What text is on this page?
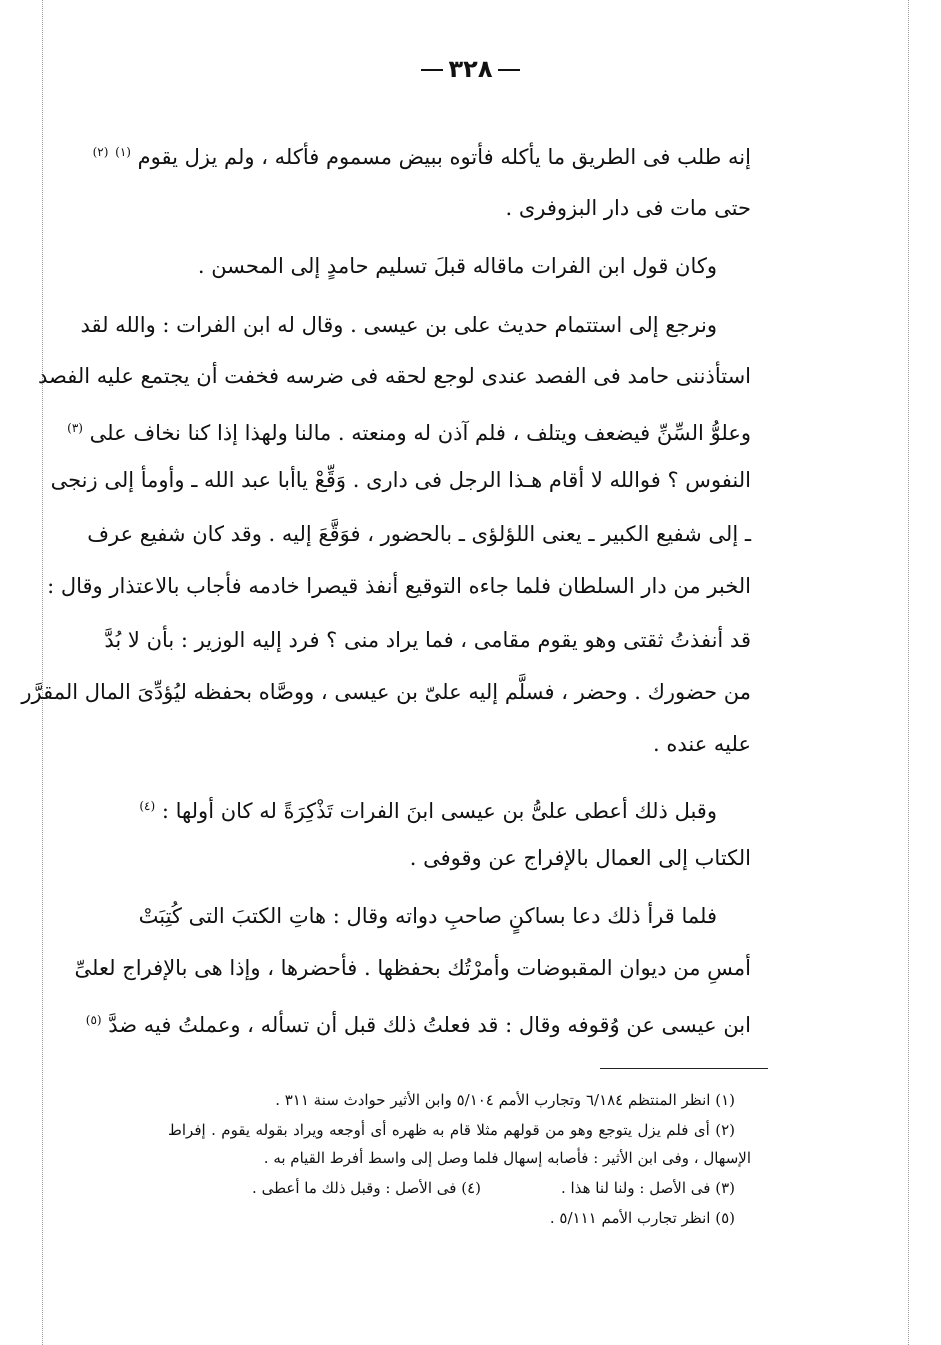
٣٢٨
إنه طلب فى الطريق ما يأكله فأتوه ببيض مسموم فأكله ، ولم يزل يقوم $^{(١)}$ $^{(٢)}$
حتى مات فى دار البزوفرى .
وكان قول ابن الفرات ماقاله قبلَ تسليم حامدٍ إلى المحسن .
ونرجع إلى استتمام حديث على بن عيسى . وقال له ابن الفرات : والله لقد
استأذننى حامد فى الفصد عندى لوجع لحقه فى ضرسه فخفت أن يجتمع عليه الفصد
وعلوُّ السِّنِّ فيضعف ويتلف ، فلم آذن له ومنعته . مالنا ولهذا إذا كنا نخاف على $^{(٣)}$
النفوس ؟ فوالله لا أقام هـذا الرجل فى دارى . وَقِّعْ ياأبا عبد الله ـ وأومأ إلى زنجى
ـ إلى شفيع الكبير ـ يعنى اللؤلؤى ـ بالحضور ، فوَقَّعَ إليه . وقد كان شفيع عرف
الخبر من دار السلطان فلما جاءه التوقيع أنفذ قيصرا خادمه فأجاب بالاعتذار وقال :
قد أنفذتُ ثقتى وهو يقوم مقامى ، فما يراد منى ؟ فرد إليه الوزير : بأن لا بُدَّ
من حضورك . وحضر ، فسلَّم إليه علىّ بن عيسى ، ووصَّاه بحفظه ليُؤدِّىَ المال المقرَّر
عليه عنده .
وقبل ذلك أعطى علىُّ بن عيسى ابنَ الفرات تَذْكِرَةً له كان أولها : $^{(٤)}$
الكتاب إلى العمال بالإفراج عن وقوفى .
فلما قرأ ذلك دعا بساكنٍ صاحبِ دواته وقال : هاتِ الكتبَ التى كُتِبَتْ
أمسِ من ديوان المقبوضات وأمرْتُك بحفظها . فأحضرها ، وإذا هى بالإفراج لعلىِّ
ابن عيسى عن وُقوفه وقال : قد فعلتُ ذلك قبل أن تسأله ، وعملتُ فيه ضدَّ $^{(٥)}$
(١) انظر المنتظم ٦/١٨٤ وتجارب الأمم ٥/١٠٤ وابن الأثير حوادث سنة ٣١١ .
(٢) أى فلم يزل يتوجع وهو من قولهم مثلا قام به ظهره أى أوجعه ويراد بقوله يقوم . إفراط
الإسهال ، وفى ابن الأثير : فأصابه إسهال فلما وصل إلى واسط أفرط القيام به .
(٣) فى الأصل : ولنا لنا هذا .(٤) فى الأصل : وقبل ذلك ما أعطى .
(٥) انظر تجارب الأمم ٥/١١١ .
